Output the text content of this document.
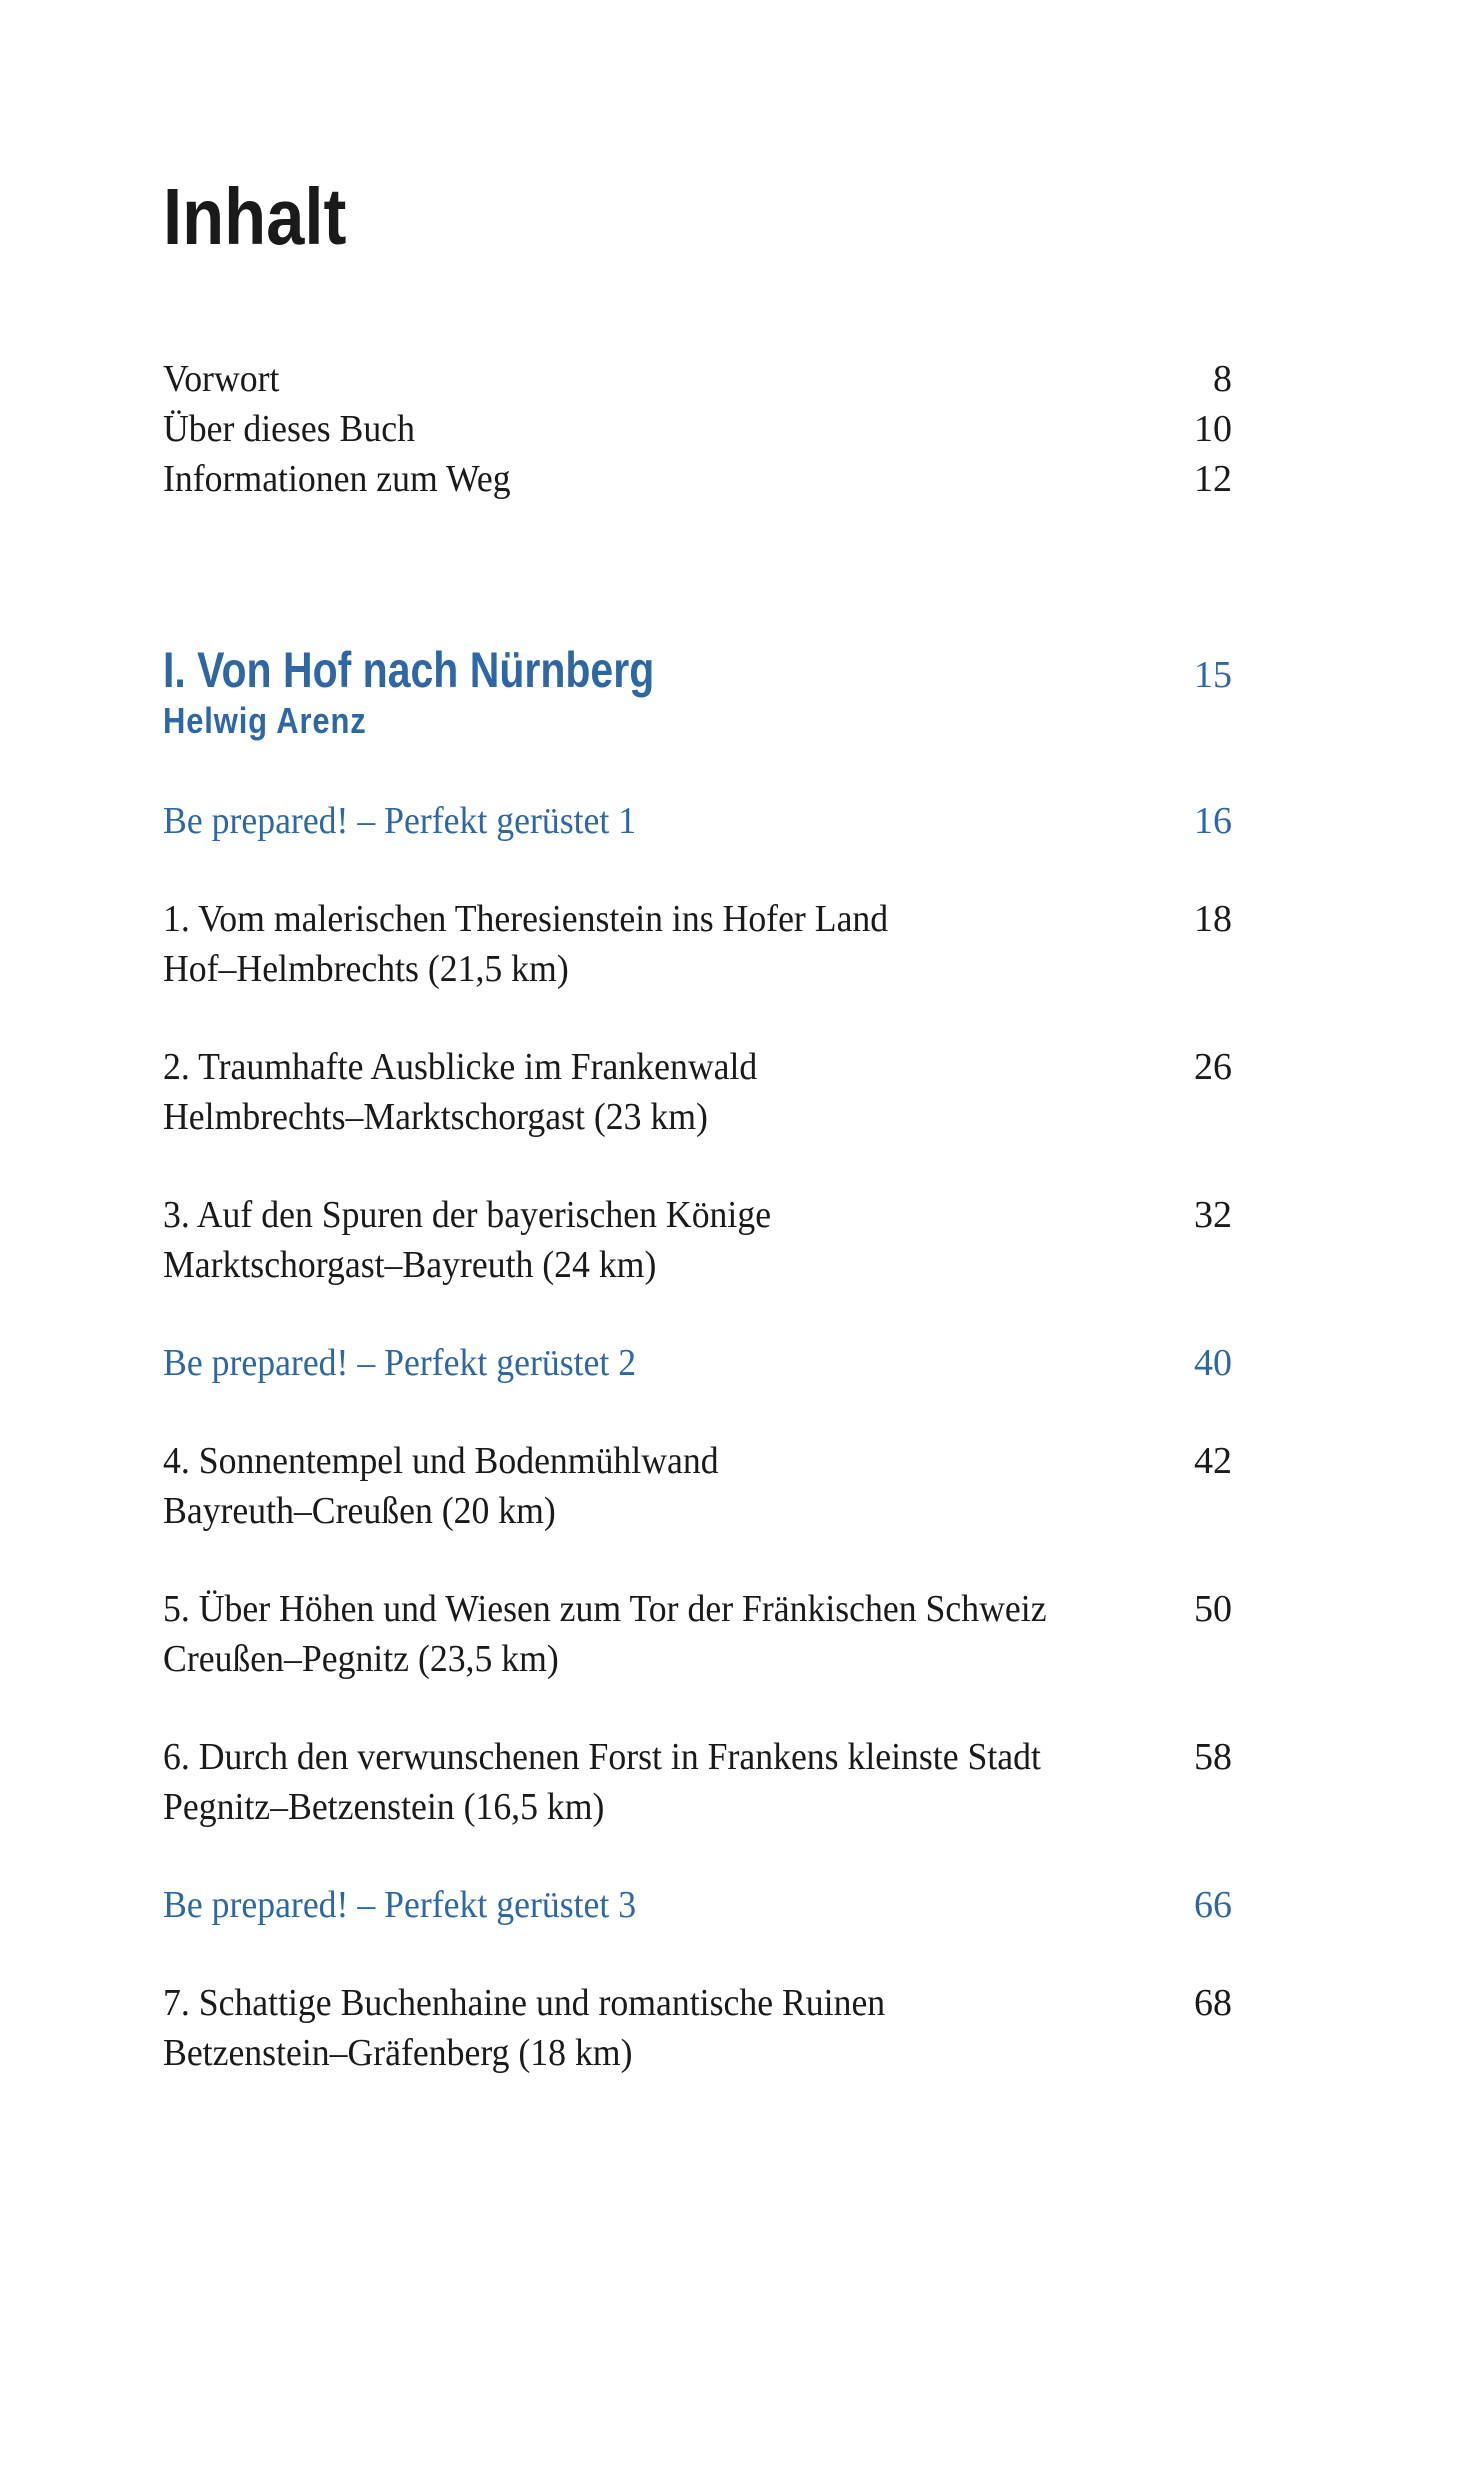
Inhalt
Vorwort	8
Über dieses Buch	10
Informationen zum Weg	12
I. Von Hof nach Nürnberg	15
Helwig Arenz
Be prepared! – Perfekt gerüstet 1	16
1. Vom malerischen Theresienstein ins Hofer Land	18
Hof–Helmbrechts (21,5 km)
2. Traumhafte Ausblicke im Frankenwald	26
Helmbrechts–Marktschorgast (23 km)
3. Auf den Spuren der bayerischen Könige	32
Marktschorgast–Bayreuth (24 km)
Be prepared! – Perfekt gerüstet 2	40
4. Sonnentempel und Bodenmühlwand	42
Bayreuth–Creußen (20 km)
5. Über Höhen und Wiesen zum Tor der Fränkischen Schweiz	50
Creußen–Pegnitz (23,5 km)
6. Durch den verwunschenen Forst in Frankens kleinste Stadt	58
Pegnitz–Betzenstein (16,5 km)
Be prepared! – Perfekt gerüstet 3	66
7. Schattige Buchenhaine und romantische Ruinen	68
Betzenstein–Gräfenberg (18 km)
